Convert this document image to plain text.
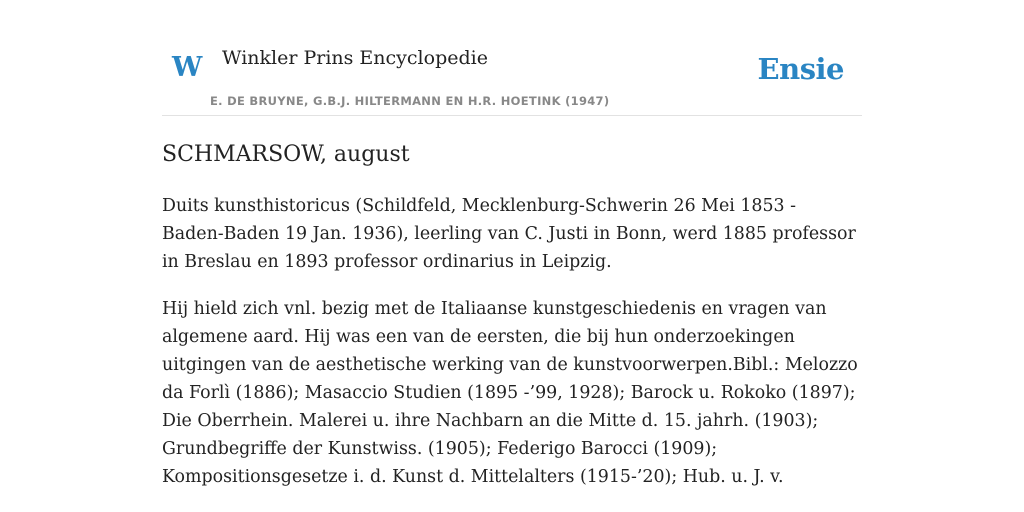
W Winkler Prins Encyclopedie
E. DE BRUYNE, G.B.J. HILTERMANN EN H.R. HOETINK (1947)
Ensie
SCHMARSOW, august

Duits kunsthistoricus (Schildfeld, Mecklenburg-Schwerin 26 Mei 1853 - Baden-Baden 19 Jan. 1936), leerling van C. Justi in Bonn, werd 1885 professor in Breslau en 1893 professor ordinarius in Leipzig.

Hij hield zich vnl. bezig met de Italiaanse kunstgeschiedenis en vragen van algemene aard. Hij was een van de eersten, die bij hun onderzoekingen uitgingen van de aesthetische werking van de kunstvoorwerpen.Bibl.: Melozzo da Forlì (1886); Masaccio Studien (1895 -’99, 1928); Barock u. Rokoko (1897); Die Oberrhein. Malerei u. ihre Nachbarn an die Mitte d. 15. jahrh. (1903); Grundbegriffe der Kunstwiss. (1905); Federigo Barocci (1909); Kompositionsgesetze i. d. Kunst d. Mittelalters (1915-’20); Hub. u. J. v.
